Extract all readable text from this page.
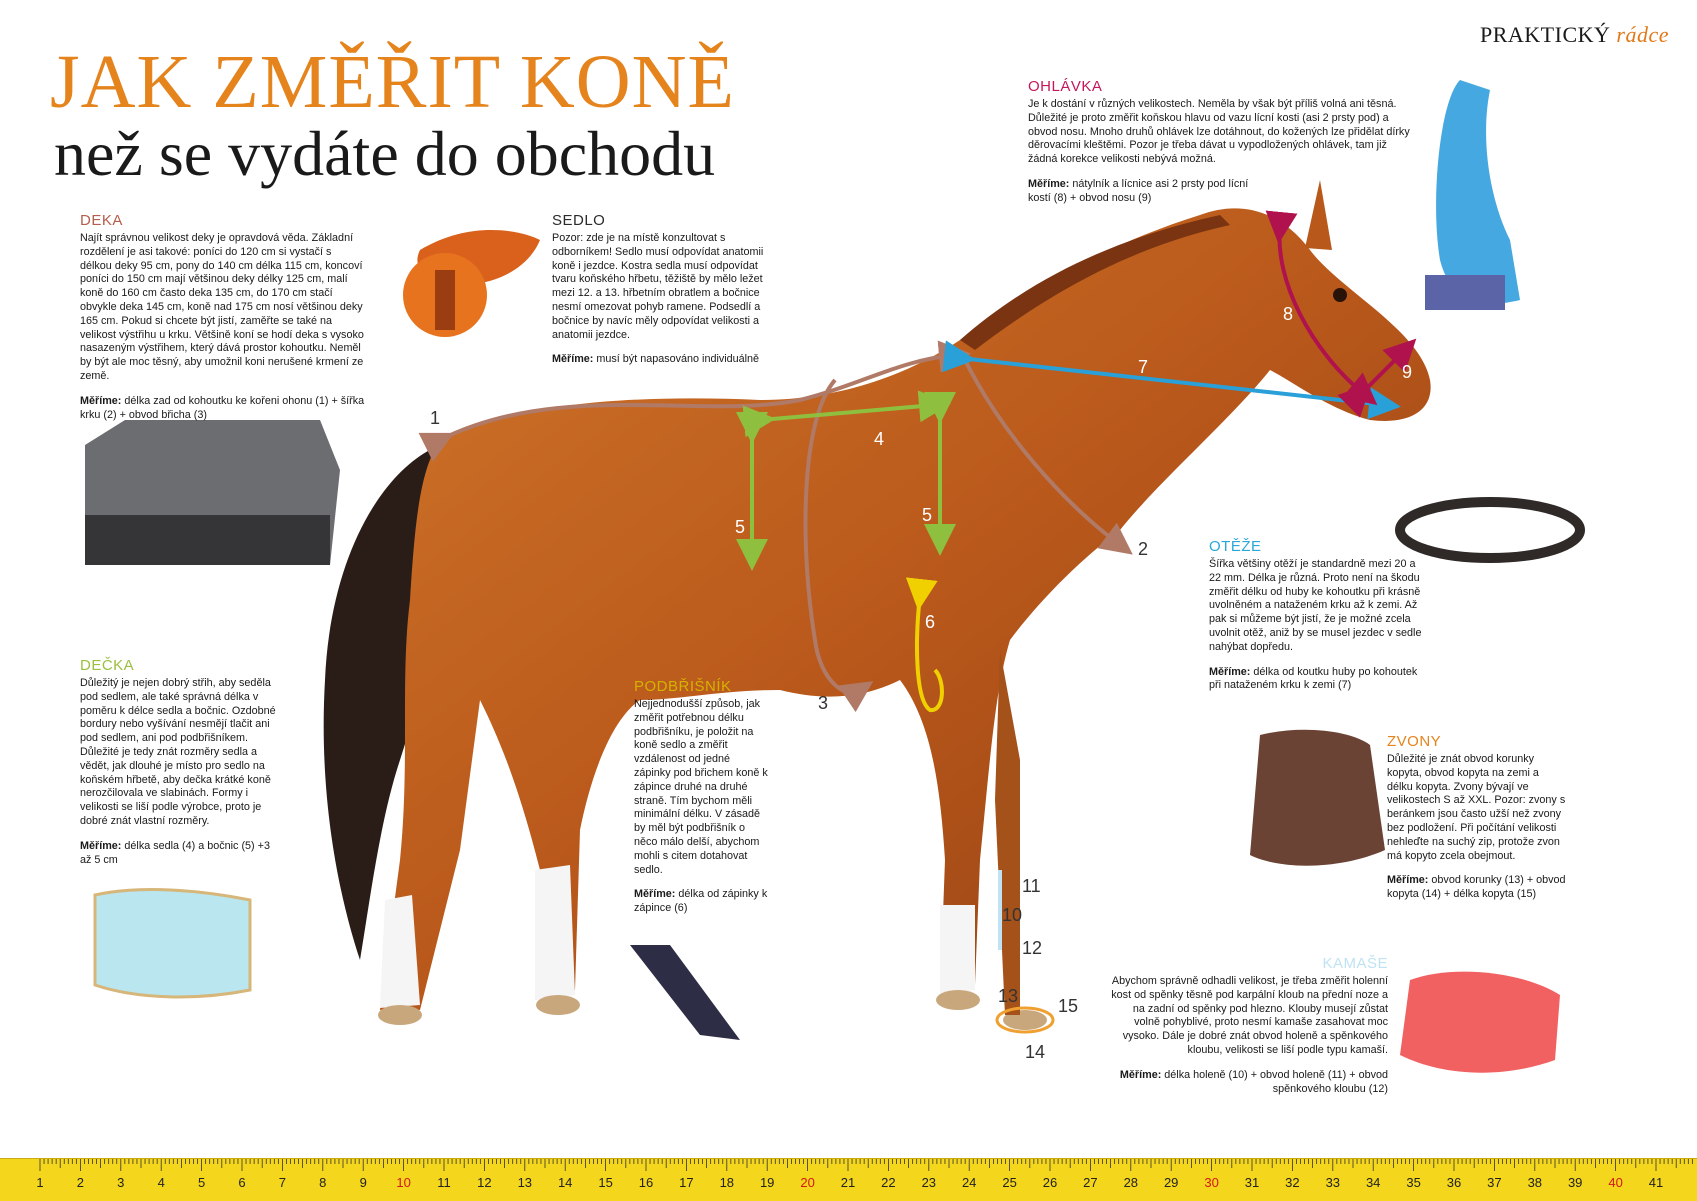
PRAKTICKÝ rádce
JAK ZMĚŘIT KONĚ
než se vydáte do obchodu
1
2
3
4
5
5
6
7
8
9
10
11
12
13
14
15
DEKA

Najít správnou velikost deky je opravdová věda. Základní rozdělení je asi takové: poníci do 120 cm si vystačí s délkou deky 95 cm, pony do 140 cm délka 115 cm, koncoví poníci do 150 cm mají většinou deky délky 125 cm, malí koně do 160 cm často deka 135 cm, do 170 cm stačí obvykle deka 145 cm, koně nad 175 cm nosí většinou deky 165 cm. Pokud si chcete být jistí, zaměřte se také na velikost výstřihu u krku. Většině koní se hodí deka s vysoko nasazeným výstřihem, který dává prostor kohoutku. Neměl by být ale moc těsný, aby umožnil koni nerušené krmení ze země.

Měříme: délka zad od kohoutku ke kořeni ohonu (1) + šířka krku (2) + obvod břicha (3)

SEDLO

Pozor: zde je na místě konzultovat s odborníkem! Sedlo musí odpovídat anatomii koně i jezdce. Kostra sedla musí odpovídat tvaru koňského hřbetu, těžiště by mělo ležet mezi 12. a 13. hřbetním obratlem a bočnice nesmí omezovat pohyb ramene. Podsedlí a bočnice by navíc měly odpovídat velikosti a anatomii jezdce.

Měříme: musí být napasováno individuálně

OHLÁVKA

Je k dostání v různých velikostech. Neměla by však být příliš volná ani těsná. Důležité je proto změřit koňskou hlavu od vazu lícní kosti (asi 2 prsty pod) a obvod nosu. Mnoho druhů ohlávek lze dotáhnout, do kožených lze přidělat dírky děrovacími kleštěmi. Pozor je třeba dávat u vypodložených ohlávek, tam již žádná korekce velikosti nebývá možná.

Měříme: nátylník a lícnice asi 2 prsty pod lícní kostí (8) + obvod nosu (9)

OTĚŽE

Šířka většiny otěží je standardně mezi 20 a 22 mm. Délka je různá. Proto není na škodu změřit délku od huby ke kohoutku při krásně uvolněném a nataženém krku až k zemi. Až pak si můžeme být jistí, že je možné zcela uvolnit otěž, aniž by se musel jezdec v sedle nahýbat dopředu.

Měříme: délka od koutku huby po kohoutek při nataženém krku k zemi (7)

DEČKA

Důležitý je nejen dobrý střih, aby seděla pod sedlem, ale také správná délka v poměru k délce sedla a bočnic. Ozdobné bordury nebo vyšívání nesmějí tlačit ani pod sedlem, ani pod podbřišníkem. Důležité je tedy znát rozměry sedla a vědět, jak dlouhé je místo pro sedlo na koňském hřbetě, aby dečka krátké koně nerozčilovala ve slabinách. Formy i velikosti se liší podle výrobce, proto je dobré znát vlastní rozměry.

Měříme: délka sedla (4) a bočnic (5) +3 až 5 cm

PODBŘIŠNÍK

Nejjednodušší způsob, jak změřit potřebnou délku podbřišníku, je položit na koně sedlo a změřit vzdálenost od jedné zápinky pod břichem koně k zápince druhé na druhé straně. Tím bychom měli minimální délku. V zásadě by měl být podbřišník o něco málo delší, abychom mohli s citem dotahovat sedlo.

Měříme: délka od zápinky k zápince (6)

ZVONY

Důležité je znát obvod korunky kopyta, obvod kopyta na zemi a délku kopyta. Zvony bývají ve velikostech S až XXL. Pozor: zvony s beránkem jsou často užší než zvony bez podložení. Při počítání velikosti nehleďte na suchý zip, protože zvon má kopyto zcela obejmout.

Měříme: obvod korunky (13) + obvod kopyta (14) + délka kopyta (15)

KAMAŠE

Abychom správně odhadli velikost, je třeba změřit holenní kost od spěnky těsně pod karpální kloub na přední noze a na zadní od spěnky pod hlezno. Klouby musejí zůstat volně pohyblivé, proto nesmí kamaše zasahovat moc vysoko. Dále je dobré znát obvod holeně a spěnkového kloubu, velikosti se liší podle typu kamaší.

Měříme: délka holeně (10) + obvod holeně (11) + obvod spěnkového kloubu (12)

1	2	3	4	5	6	7	8	9 10 11 12 13 14 15 16 17 18 19 20 21 22 23 24 25 26 27 28 29 30 31 32 33 34 35 36 37 38 39 40 41
